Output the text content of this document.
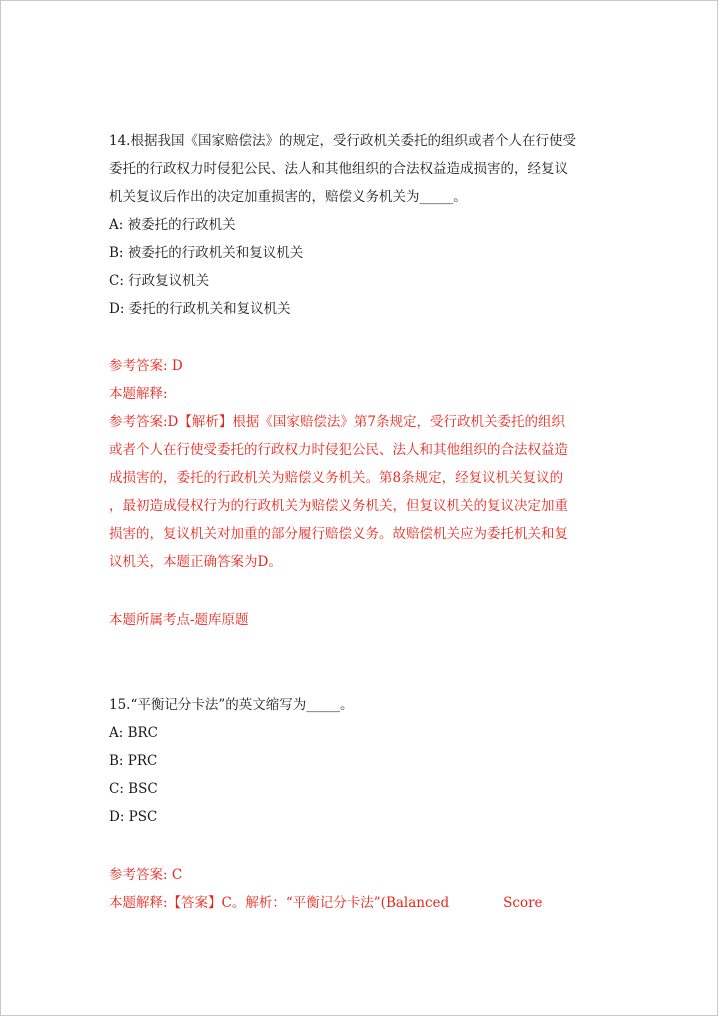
14.根据我国《国家赔偿法》的规定，受行政机关委托的组织或者个人在行使受
委托的行政权力时侵犯公民、法人和其他组织的合法权益造成损害的，经复议
机关复议后作出的决定加重损害的，赔偿义务机关为_____。
A: 被委托的行政机关
B: 被委托的行政机关和复议机关
C: 行政复议机关
D: 委托的行政机关和复议机关
参考答案: D
本题解释:
参考答案:D【解析】根据《国家赔偿法》第7条规定，受行政机关委托的组织
或者个人在行使受委托的行政权力时侵犯公民、法人和其他组织的合法权益造
成损害的，委托的行政机关为赔偿义务机关。第8条规定，经复议机关复议的
，最初造成侵权行为的行政机关为赔偿义务机关，但复议机关的复议决定加重
损害的，复议机关对加重的部分履行赔偿义务。故赔偿机关应为委托机关和复
议机关，本题正确答案为D。
本题所属考点-题库原题
15.“平衡记分卡法”的英文缩写为_____。
A: BRC
B: PRC
C: BSC
D: PSC
参考答案: C
本题解释:【答案】C。解析：“平衡记分卡法”(Balanced	Score
